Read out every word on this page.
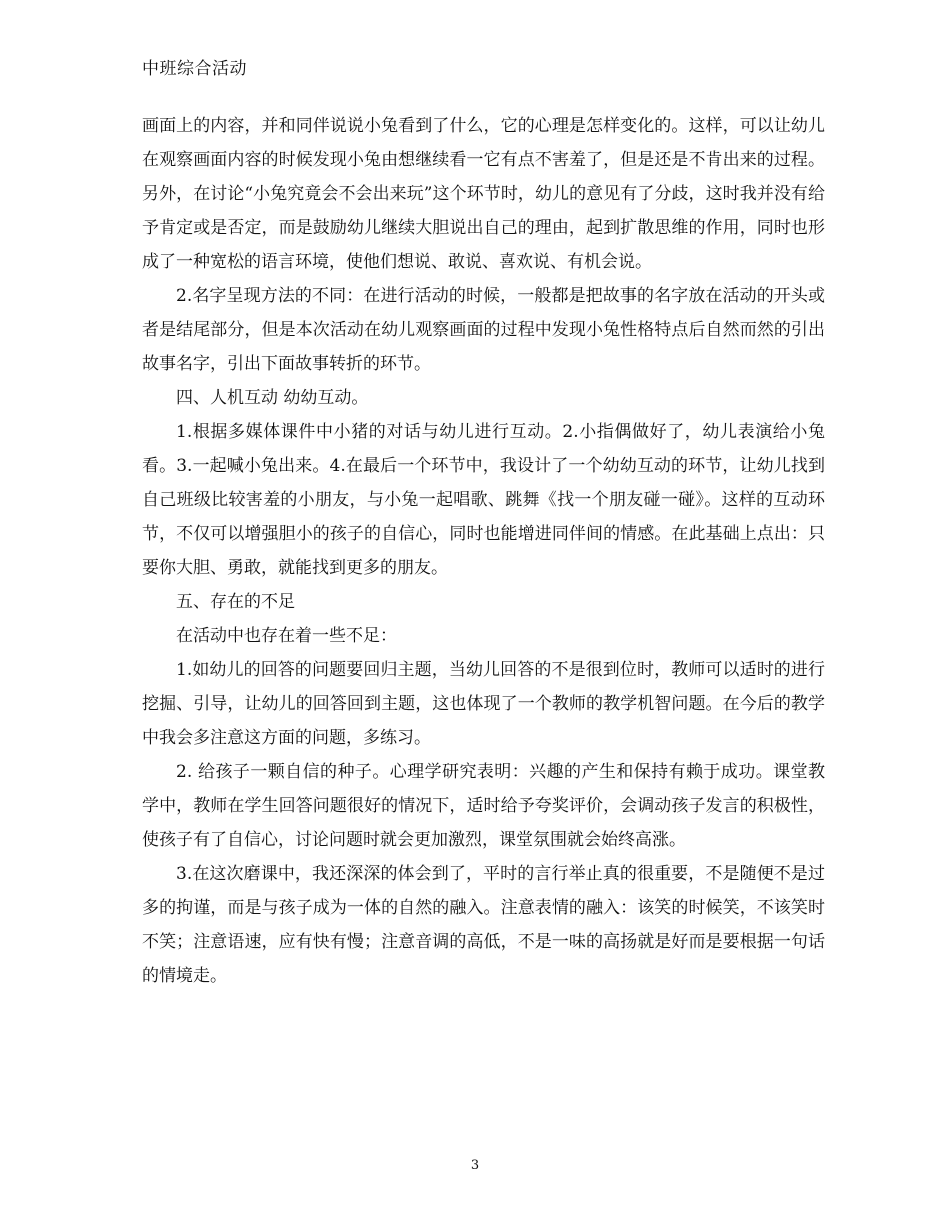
中班综合活动

画面上的内容，并和同伴说说小兔看到了什么，它的心理是怎样变化的。这样，可以让幼儿在观察画面内容的时候发现小兔由想继续看一它有点不害羞了，但是还是不肯出来的过程。另外，在讨论“小兔究竟会不会出来玩”这个环节时，幼儿的意见有了分歧，这时我并没有给予肯定或是否定，而是鼓励幼儿继续大胆说出自己的理由，起到扩散思维的作用，同时也形成了一种宽松的语言环境，使他们想说、敢说、喜欢说、有机会说。

2.名字呈现方法的不同：在进行活动的时候，一般都是把故事的名字放在活动的开头或者是结尾部分，但是本次活动在幼儿观察画面的过程中发现小兔性格特点后自然而然的引出故事名字，引出下面故事转折的环节。

四、人机互动 幼幼互动。

1.根据多媒体课件中小猪的对话与幼儿进行互动。2.小指偶做好了，幼儿表演给小兔看。3.一起喊小兔出来。4.在最后一个环节中，我设计了一个幼幼互动的环节，让幼儿找到自己班级比较害羞的小朋友，与小兔一起唱歌、跳舞《找一个朋友碰一碰》。这样的互动环节，不仅可以增强胆小的孩子的自信心，同时也能增进同伴间的情感。在此基础上点出：只要你大胆、勇敢，就能找到更多的朋友。

五、存在的不足

在活动中也存在着一些不足：

1.如幼儿的回答的问题要回归主题，当幼儿回答的不是很到位时，教师可以适时的进行挖掘、引导，让幼儿的回答回到主题，这也体现了一个教师的教学机智问题。在今后的教学中我会多注意这方面的问题，多练习。

2. 给孩子一颗自信的种子。心理学研究表明：兴趣的产生和保持有赖于成功。课堂教学中，教师在学生回答问题很好的情况下，适时给予夸奖评价，会调动孩子发言的积极性，使孩子有了自信心，讨论问题时就会更加激烈，课堂氛围就会始终高涨。

3.在这次磨课中，我还深深的体会到了，平时的言行举止真的很重要，不是随便不是过多的拘谨，而是与孩子成为一体的自然的融入。注意表情的融入：该笑的时候笑，不该笑时不笑；注意语速，应有快有慢；注意音调的高低，不是一味的高扬就是好而是要根据一句话的情境走。

3
